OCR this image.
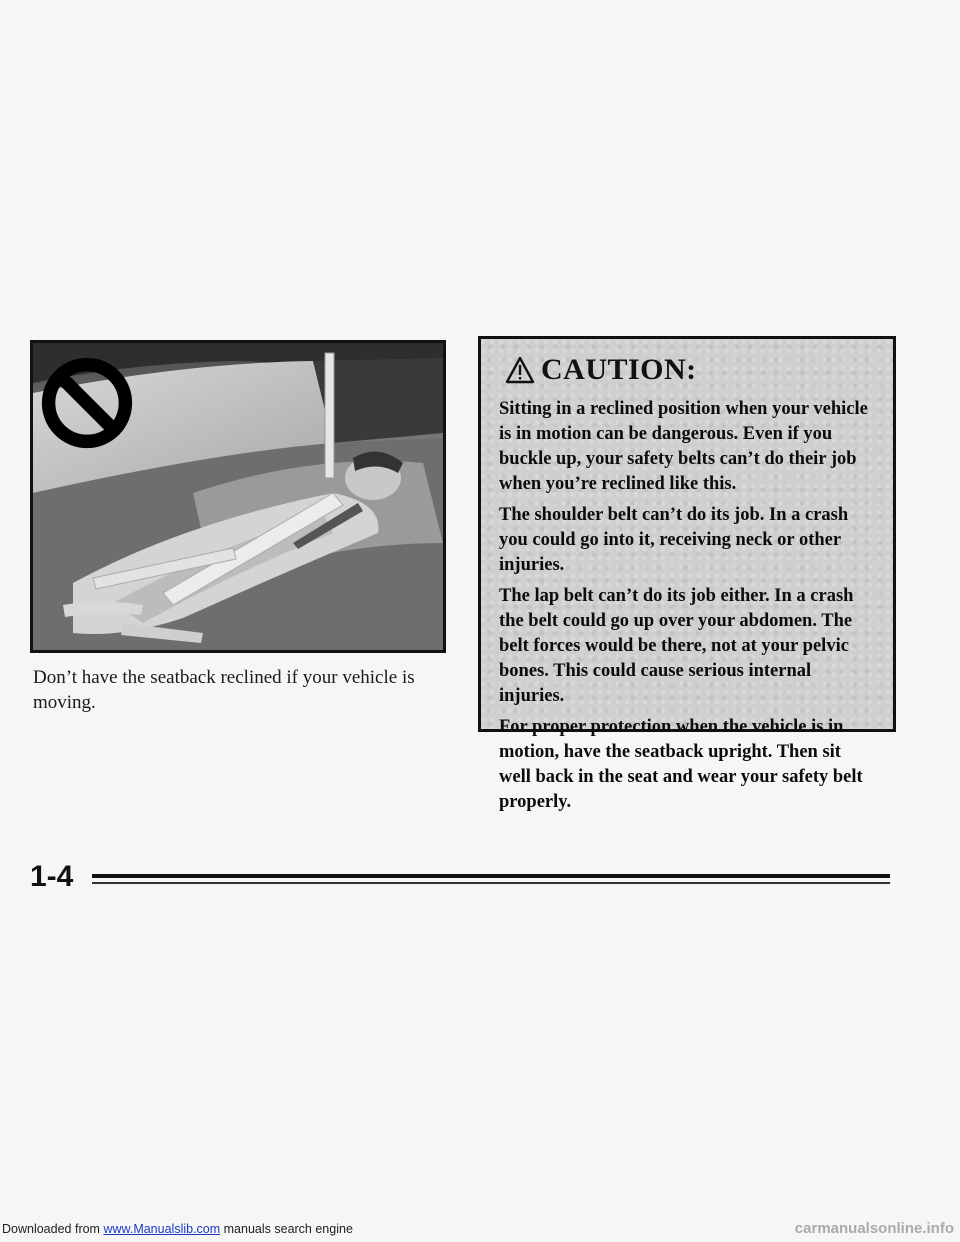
Don’t have the seatback reclined if your vehicle is moving.
CAUTION:

Sitting in a reclined position when your vehicle is in motion can be dangerous. Even if you buckle up, your safety belts can’t do their job when you’re reclined like this.

The shoulder belt can’t do its job. In a crash you could go into it, receiving neck or other injuries.

The lap belt can’t do its job either. In a crash the belt could go up over your abdomen. The belt forces would be there, not at your pelvic bones. This could cause serious internal injuries.

For proper protection when the vehicle is in motion, have the seatback upright. Then sit well back in the seat and wear your safety belt properly.

1-4
Downloaded from www.Manualslib.com manuals search engine	carmanualsonline.info
